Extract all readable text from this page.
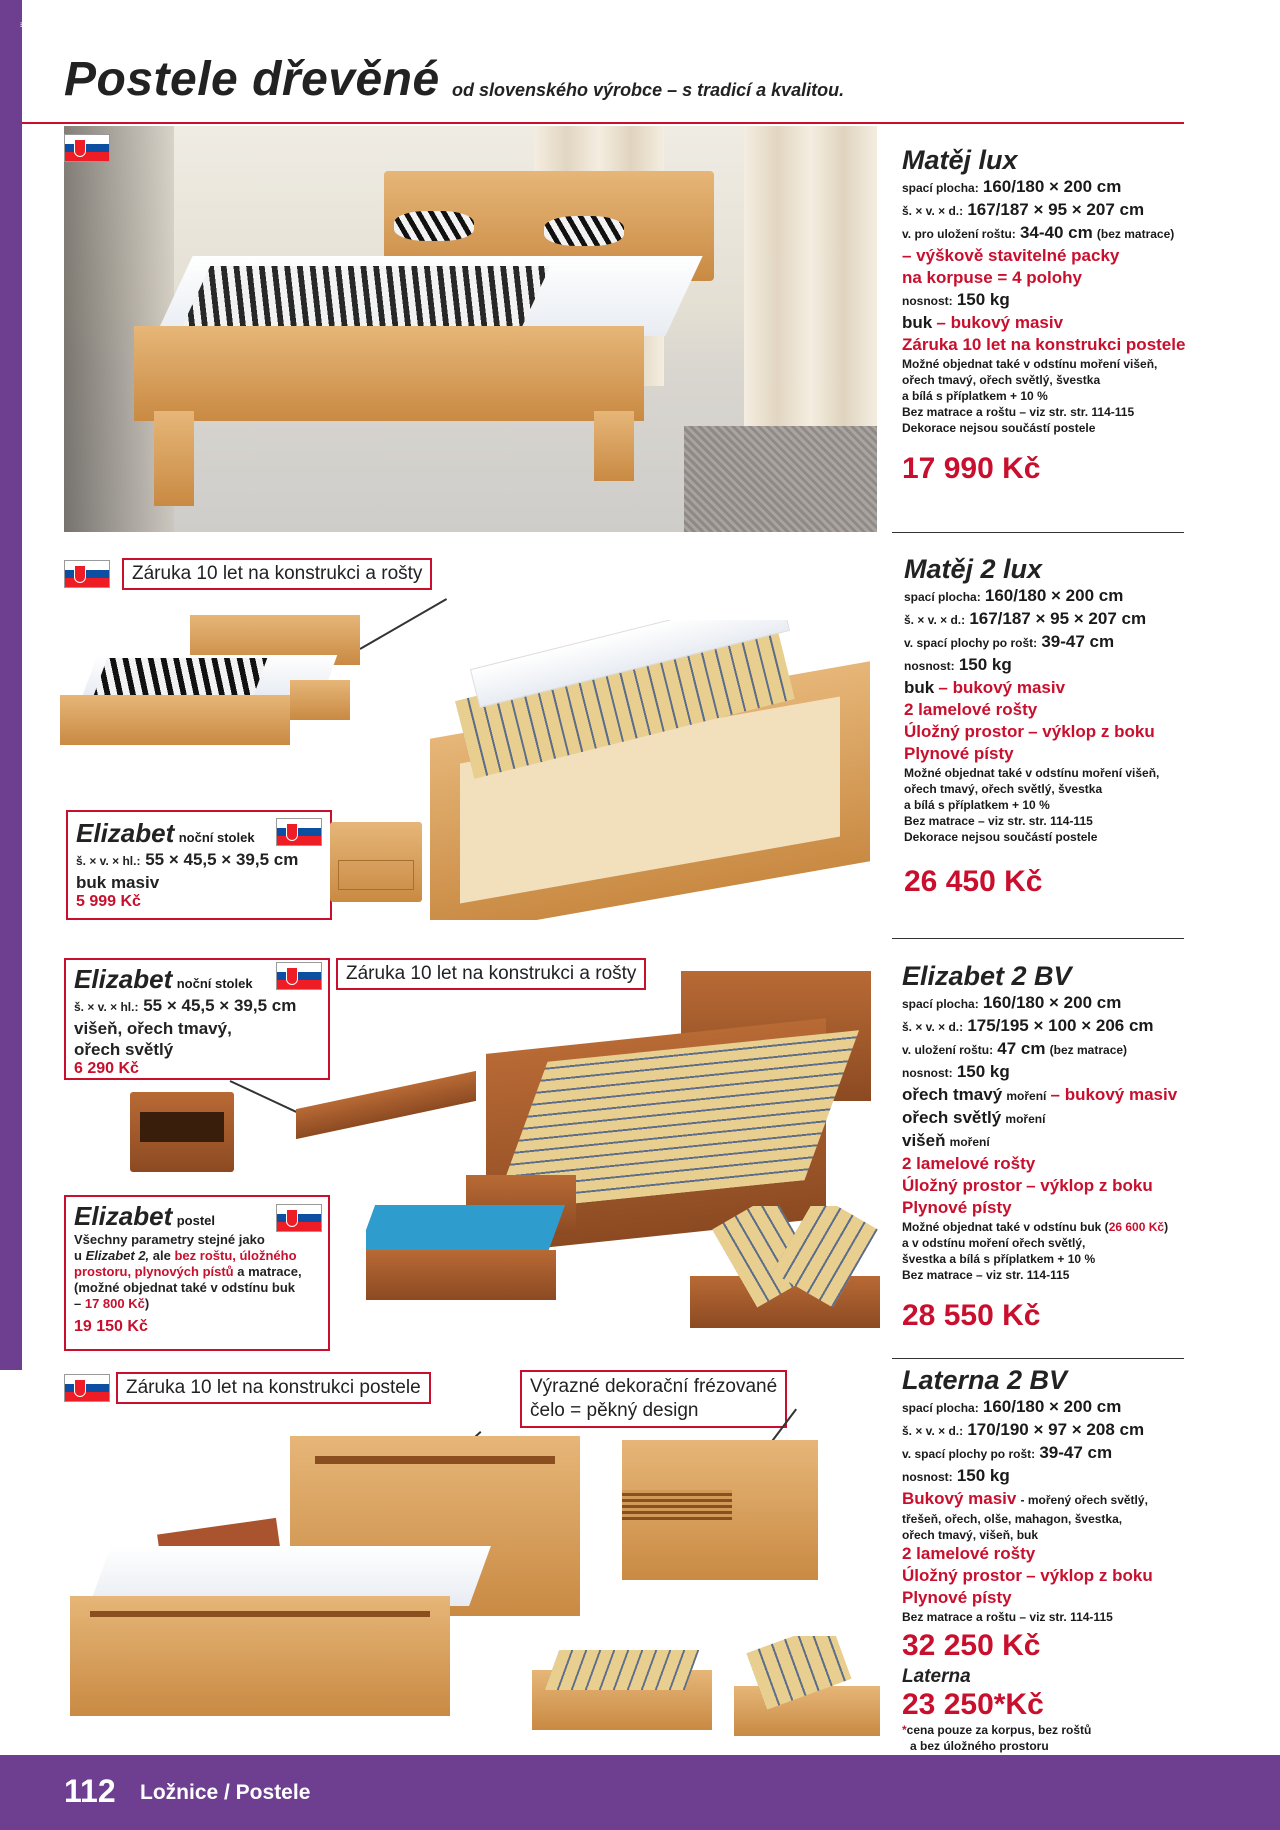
≡
112 Ložnice / Postele
Postele dřevěné od slovenského výrobce – s tradicí a kvalitou.
Matěj lux
spací plocha: 160/180 × 200 cm
š. × v. × d.: 167/187 × 95 × 207 cm
v. pro uložení roštu: 34-40 cm (bez matrace)
– výškově stavitelné packy
na korpuse = 4 polohy
nosnost: 150 kg
buk – bukový masiv
Záruka 10 let na konstrukci postele
Možné objednat také v odstínu moření višeň,
ořech tmavý, ořech světlý, švestka
a bílá s příplatkem + 10 %
Bez matrace a roštu – viz str. str. 114-115
Dekorace nejsou součástí postele
17 990 Kč
Záruka 10 let na konstrukci a rošty	Matěj 2 lux
spací plocha: 160/180 × 200 cm
š. × v. × d.: 167/187 × 95 × 207 cm
v. spací plochy po rošt: 39-47 cm
nosnost: 150 kg
buk – bukový masiv
2 lamelové rošty
Úložný prostor – výklop z boku
Plynové písty
Možné objednat také v odstínu moření višeň,
ořech tmavý, ořech světlý, švestka
a bílá s příplatkem + 10 %
Bez matrace – viz str. str. 114-115
Dekorace nejsou součástí postele
26 450 Kč
Elizabet noční stolek
š. × v. × hl.: 55 × 45,5 × 39,5 cm
buk masiv
5 999 Kč
Elizabet noční stolek
š. × v. × hl.: 55 × 45,5 × 39,5 cm
višeň, ořech tmavý,
ořech světlý
6 290 Kč
Záruka 10 let na konstrukci a rošty
Elizabet postel
Všechny parametry stejné jako
u Elizabet 2, ale bez roštu, úložného
prostoru, plynových pístů a matrace,
(možné objednat také v odstínu buk
– 17 800 Kč)
19 150 Kč
Elizabet 2 BV
spací plocha: 160/180 × 200 cm
š. × v. × d.: 175/195 × 100 × 206 cm
v. uložení roštu: 47 cm (bez matrace)
nosnost: 150 kg
ořech tmavý moření – bukový masiv
ořech světlý moření
višeň moření
2 lamelové rošty
Úložný prostor – výklop z boku
Plynové písty
Možné objednat také v odstínu buk (26 600 Kč)
a v odstínu moření ořech světlý,
švestka a bílá s příplatkem + 10 %
Bez matrace – viz str. 114-115
28 550 Kč
Záruka 10 let na konstrukci postele	Výrazné dekorační frézované
čelo = pěkný design
Laterna 2 BV
spací plocha: 160/180 × 200 cm
š. × v. × d.: 170/190 × 97 × 208 cm
v. spací plochy po rošt: 39-47 cm
nosnost: 150 kg
Bukový masiv - mořený ořech světlý,
třešeň, ořech, olše, mahagon, švestka,
ořech tmavý, višeň, buk
2 lamelové rošty
Úložný prostor – výklop z boku
Plynové písty
Bez matrace a roštu – viz str. 114-115
32 250 Kč
Laterna
23 250*Kč
*cena pouze za korpus, bez roštů
a bez úložného prostoru
